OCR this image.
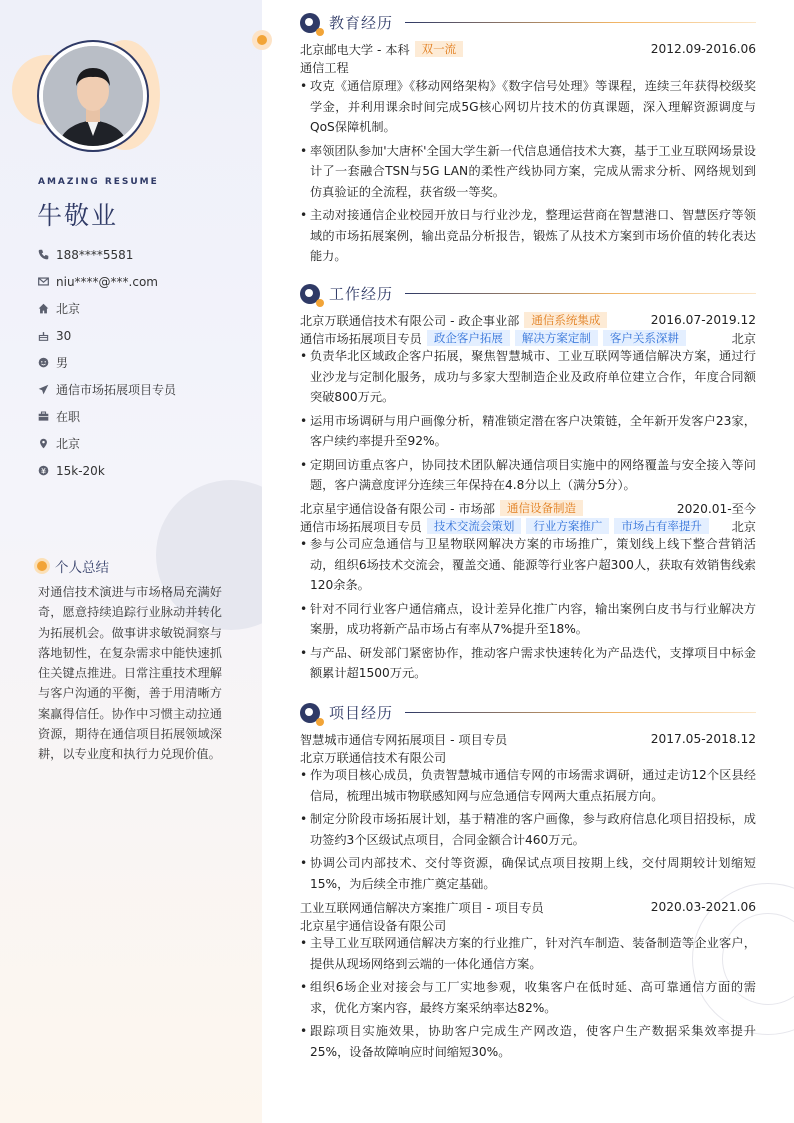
AMAZING RESUME
牛敬业
188****5581
niu****@***.com
北京
30
男
通信市场拓展项目专员
在职
北京
15k-20k
个人总结
对通信技术演进与市场格局充满好奇，愿意持续追踪行业脉动并转化为拓展机会。做事讲求敏锐洞察与落地韧性，在复杂需求中能快速抓住关键点推进。日常注重技术理解与客户沟通的平衡，善于用清晰方案赢得信任。协作中习惯主动拉通资源，期待在通信项目拓展领域深耕，以专业度和执行力兑现价值。
教育经历
北京邮电大学 - 本科	双一流	2012.09-2016.06
通信工程
• 攻克《通信原理》《移动网络架构》《数字信号处理》等课程，连续三年获得校级奖学金，并利用课余时间完成5G核心网切片技术的仿真课题，深入理解资源调度与QoS保障机制。
• 率领团队参加'大唐杯'全国大学生新一代信息通信技术大赛，基于工业互联网场景设计了一套融合TSN与5G LAN的柔性产线协同方案，完成从需求分析、网络规划到仿真验证的全流程，获省级一等奖。
• 主动对接通信企业校园开放日与行业沙龙，整理运营商在智慧港口、智慧医疗等领域的市场拓展案例，输出竞品分析报告，锻炼了从技术方案到市场价值的转化表达能力。
工作经历
北京万联通信技术有限公司 - 政企事业部	通信系统集成	2016.07-2019.12
通信市场拓展项目专员	政企客户拓展	解决方案定制	客户关系深耕	北京
• 负责华北区域政企客户拓展，聚焦智慧城市、工业互联网等通信解决方案，通过行业沙龙与定制化服务，成功与多家大型制造企业及政府单位建立合作，年度合同额突破800万元。
• 运用市场调研与用户画像分析，精准锁定潜在客户决策链，全年新开发客户23家，客户续约率提升至92%。
• 定期回访重点客户，协同技术团队解决通信项目实施中的网络覆盖与安全接入等问题，客户满意度评分连续三年保持在4.8分以上（满分5分）。
北京星宇通信设备有限公司 - 市场部	通信设备制造	2020.01-至今
通信市场拓展项目专员	技术交流会策划	行业方案推广	市场占有率提升	北京
• 参与公司应急通信与卫星物联网解决方案的市场推广，策划线上线下整合营销活动，组织6场技术交流会，覆盖交通、能源等行业客户超300人，获取有效销售线索120余条。
• 针对不同行业客户通信痛点，设计差异化推广内容，输出案例白皮书与行业解决方案册，成功将新产品市场占有率从7%提升至18%。
• 与产品、研发部门紧密协作，推动客户需求快速转化为产品迭代，支撑项目中标金额累计超1500万元。
项目经历
智慧城市通信专网拓展项目 - 项目专员	2017.05-2018.12
北京万联通信技术有限公司
• 作为项目核心成员，负责智慧城市通信专网的市场需求调研，通过走访12个区县经信局，梳理出城市物联感知网与应急通信专网两大重点拓展方向。
• 制定分阶段市场拓展计划，基于精准的客户画像，参与政府信息化项目招投标，成功签约3个区级试点项目，合同金额合计460万元。
• 协调公司内部技术、交付等资源，确保试点项目按期上线，交付周期较计划缩短15%，为后续全市推广奠定基础。
工业互联网通信解决方案推广项目 - 项目专员	2020.03-2021.06
北京星宇通信设备有限公司
• 主导工业互联网通信解决方案的行业推广，针对汽车制造、装备制造等企业客户，提供从现场网络到云端的一体化通信方案。
• 组织6场企业对接会与工厂实地参观，收集客户在低时延、高可靠通信方面的需求，优化方案内容，最终方案采纳率达82%。
• 跟踪项目实施效果，协助客户完成生产网改造，使客户生产数据采集效率提升25%，设备故障响应时间缩短30%。
